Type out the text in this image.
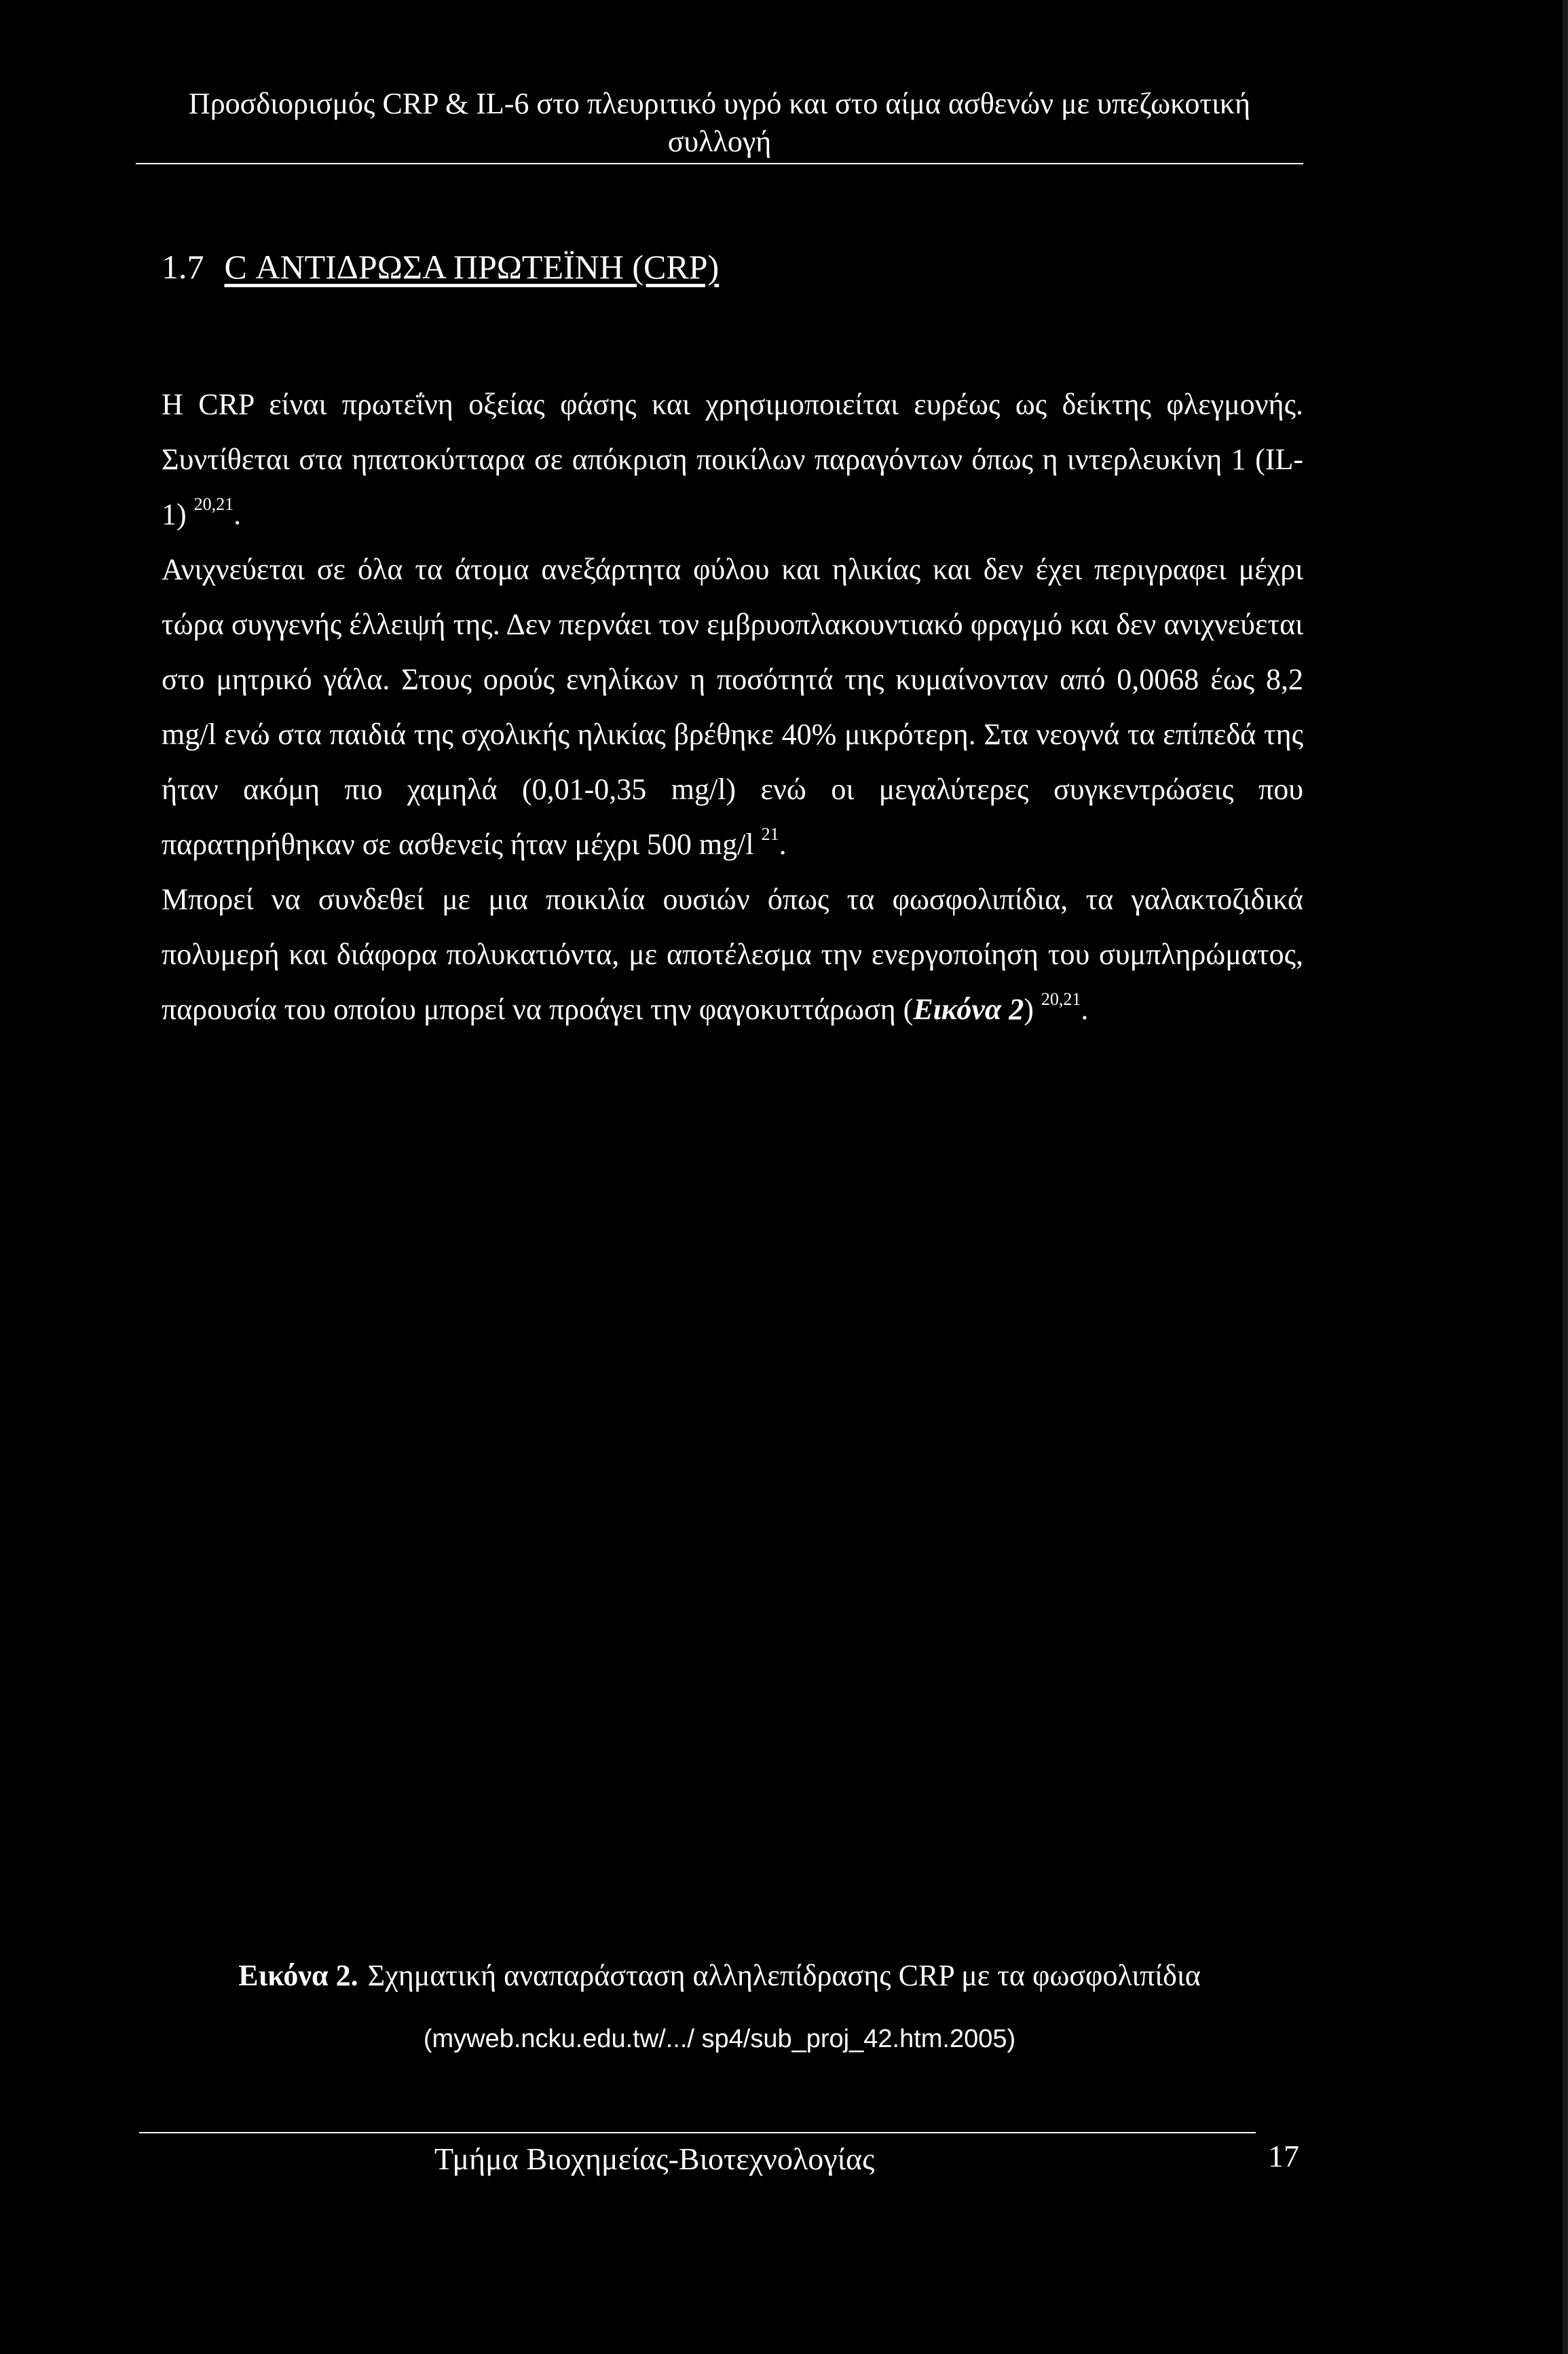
Προσδιορισμός CRP & IL-6 στο πλευριτικό υγρό και στο αίμα ασθενών με υπεζωκοτική συλλογή
1.7 C ΑΝΤΙΔΡΩΣΑ ΠΡΩΤΕΪΝΗ (CRP)

Η CRP είναι πρωτεΐνη οξείας φάσης και χρησιμοποιείται ευρέως ως δείκτης φλεγμονής. Συντίθεται στα ηπατοκύτταρα σε απόκριση ποικίλων παραγόντων όπως η ιντερλευκίνη 1 (IL-1) $^{20,21}$.

Ανιχνεύεται σε όλα τα άτομα ανεξάρτητα φύλου και ηλικίας και δεν έχει περιγραφει μέχρι τώρα συγγενής έλλειψή της. Δεν περνάει τον εμβρυοπλακουντιακό φραγμό και δεν ανιχνεύεται στο μητρικό γάλα. Στους ορούς ενηλίκων η ποσότητά της κυμαίνονταν από 0,0068 έως 8,2 mg/l ενώ στα παιδιά της σχολικής ηλικίας βρέθηκε 40% μικρότερη. Στα νεογνά τα επίπεδά της ήταν ακόμη πιο χαμηλά (0,01-0,35 mg/l) ενώ οι μεγαλύτερες συγκεντρώσεις που παρατηρήθηκαν σε ασθενείς ήταν μέχρι 500 mg/l $^{21}$.

Μπορεί να συνδεθεί με μια ποικιλία ουσιών όπως τα φωσφολιπίδια, τα γαλακτοζιδικά πολυμερή και διάφορα πολυκατιόντα, με αποτέλεσμα την ενεργοποίηση του συμπληρώματος, παρουσία του οποίου μπορεί να προάγει την φαγοκυττάρωση (Εικόνα 2) $^{20,21}$.

Εικόνα 2. Σχηματική αναπαράσταση αλληλεπίδρασης CRP με τα φωσφολιπίδια
(myweb.ncku.edu.tw/.../ sp4/sub_proj_42.htm.2005)
Τμήμα Βιοχημείας-Βιοτεχνολογίας	17
